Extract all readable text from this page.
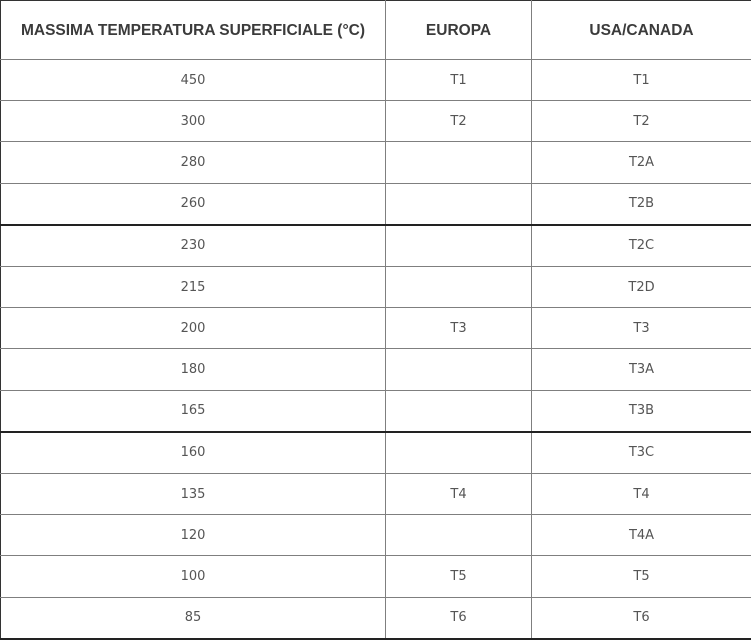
MASSIMA TEMPERATURA SUPERFICIALE (°C)	EUROPA	USA/CANADA
450	T1	T1
300	T2	T2
280		T2A
260		T2B
230		T2C
215		T2D
200	T3	T3
180		T3A
165		T3B
160		T3C
135	T4	T4
120		T4A
100	T5	T5
85	T6	T6
